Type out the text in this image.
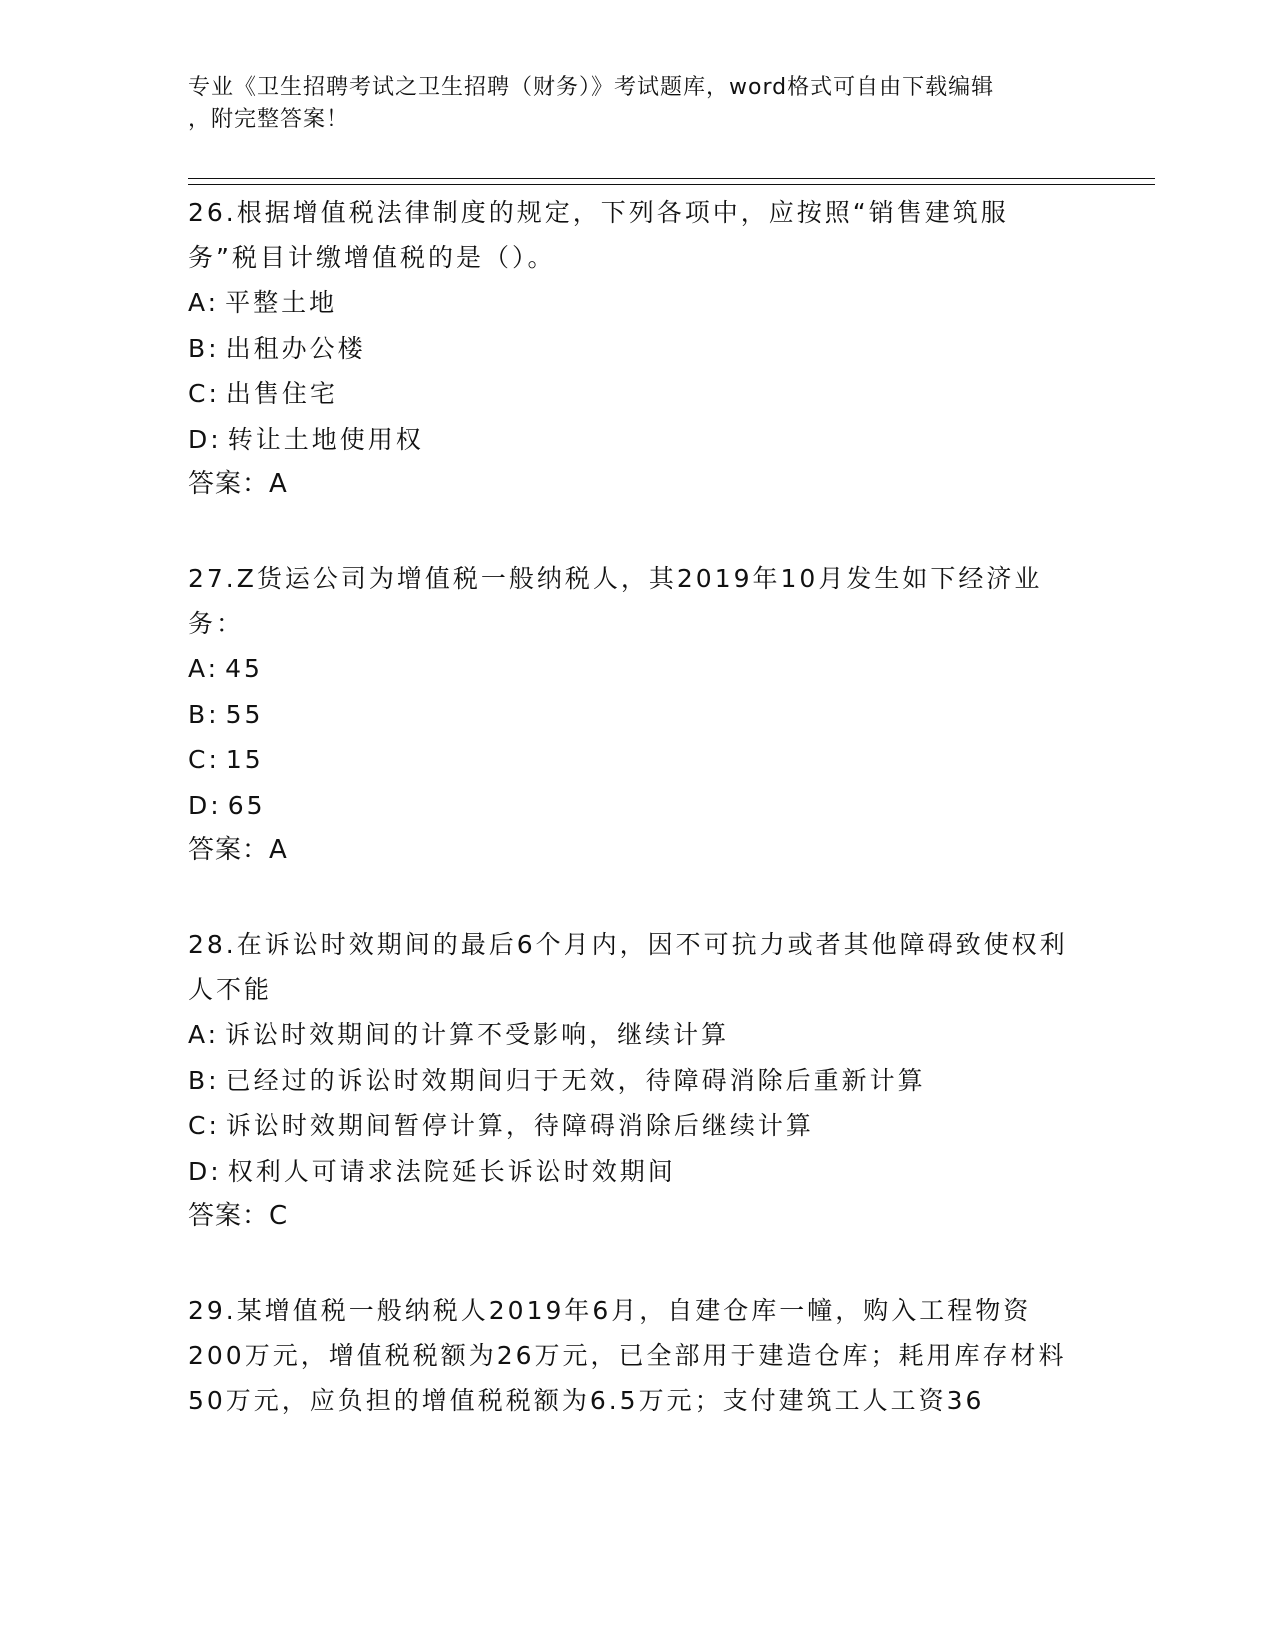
专业《卫生招聘考试之卫生招聘（财务）》考试题库，word格式可自由下载编辑
，附完整答案！
26.根据增值税法律制度的规定，下列各项中，应按照“销售建筑服务”税目计缴增值税的是（）。
A: 平整土地
B: 出租办公楼
C: 出售住宅
D: 转让土地使用权
答案：A
27.Z货运公司为增值税一般纳税人，其2019年10月发生如下经济业务：
A: 45
B: 55
C: 15
D: 65
答案：A
28.在诉讼时效期间的最后6个月内，因不可抗力或者其他障碍致使权利人不能
A: 诉讼时效期间的计算不受影响，继续计算
B: 已经过的诉讼时效期间归于无效，待障碍消除后重新计算
C: 诉讼时效期间暂停计算，待障碍消除后继续计算
D: 权利人可请求法院延长诉讼时效期间
答案：C
29.某增值税一般纳税人2019年6月，自建仓库一幢，购入工程物资200万元，增值税税额为26万元，已全部用于建造仓库；耗用库存材料50万元，应负担的增值税税额为6.5万元；支付建筑工人工资36
